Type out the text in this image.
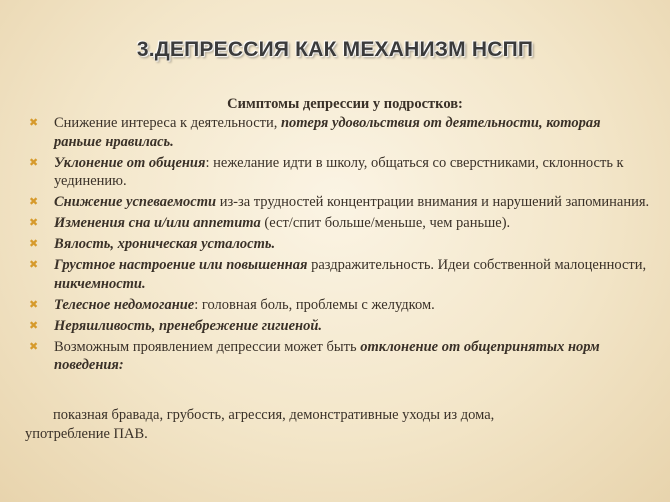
3.ДЕПРЕССИЯ КАК МЕХАНИЗМ НСПП
Симптомы депрессии у подростков:
✖ Снижение интереса к деятельности, потеря удовольствия от деятельности, которая раньше нравилась.
✖ Уклонение от общения: нежелание идти в школу, общаться со сверстниками, склонность к уединению.
✖ Снижение успеваемости из-за трудностей концентрации внимания и нарушений запоминания.
✖ Изменения сна и/или аппетита (ест/спит больше/меньше, чем раньше).
✖ Вялость, хроническая усталость.
✖ Грустное настроение или повышенная раздражительность. Идеи собственной малоценности, никчемности.
✖ Телесное недомогание: головная боль, проблемы с желудком.
✖ Неряшливость, пренебрежение гигиеной.
✖ Возможным проявлением депрессии может быть отклонение от общепринятых норм поведения:
показная бравада, грубость, агрессия, демонстративные уходы из дома,
употребление ПАВ.
